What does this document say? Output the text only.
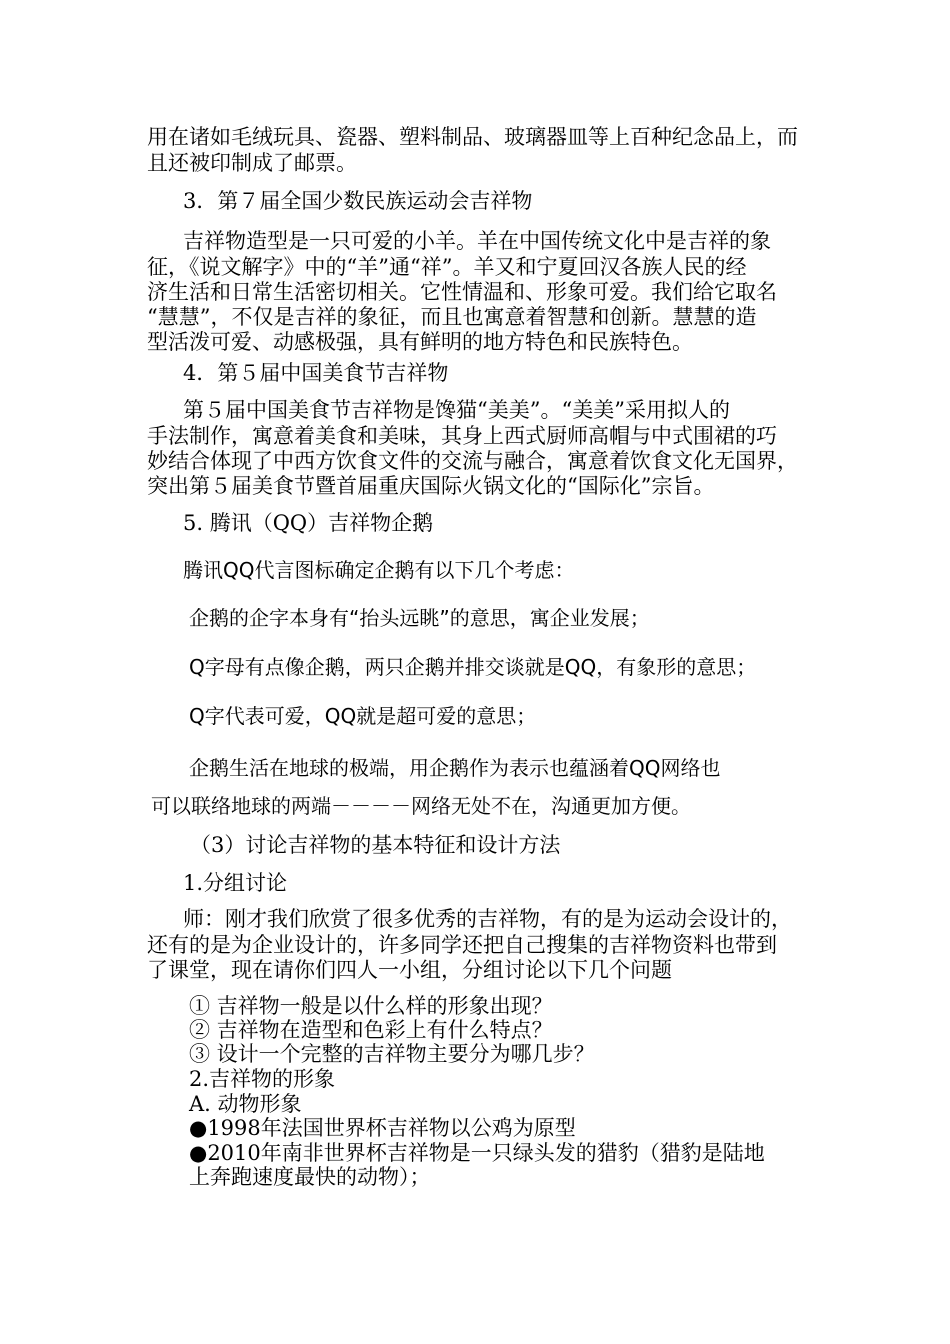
用在诸如毛绒玩具、瓷器、塑料制品、玻璃器皿等上百种纪念品上，而
且还被印制成了邮票。
3．第７届全国少数民族运动会吉祥物
吉祥物造型是一只可爱的小羊。羊在中国传统文化中是吉祥的象
征，《说文解字》中的“羊”通“祥”。羊又和宁夏回汉各族人民的经
济生活和日常生活密切相关。它性情温和、形象可爱。我们给它取名
“慧慧”，不仅是吉祥的象征，而且也寓意着智慧和创新。慧慧的造
型活泼可爱、动感极强，具有鲜明的地方特色和民族特色。
4．第５届中国美食节吉祥物
第５届中国美食节吉祥物是馋猫“美美”。“美美”采用拟人的
手法制作，寓意着美食和美味，其身上西式厨师高帽与中式围裙的巧
妙结合体现了中西方饮食文件的交流与融合，寓意着饮食文化无国界，
突出第５届美食节暨首届重庆国际火锅文化的“国际化”宗旨。
5. 腾讯（QQ）吉祥物企鹅
腾讯QQ代言图标确定企鹅有以下几个考虑：
企鹅的企字本身有“抬头远眺”的意思，寓企业发展；
Q字母有点像企鹅，两只企鹅并排交谈就是QQ，有象形的意思；
Q字代表可爱，QQ就是超可爱的意思；
企鹅生活在地球的极端，用企鹅作为表示也蕴涵着QQ网络也
可以联络地球的两端－－－－网络无处不在，沟通更加方便。
（3）讨论吉祥物的基本特征和设计方法
1.分组讨论
师：刚才我们欣赏了很多优秀的吉祥物，有的是为运动会设计的，
还有的是为企业设计的，许多同学还把自己搜集的吉祥物资料也带到
了课堂，现在请你们四人一小组，分组讨论以下几个问题
① 吉祥物一般是以什么样的形象出现？
② 吉祥物在造型和色彩上有什么特点？
③ 设计一个完整的吉祥物主要分为哪几步？
2.吉祥物的形象
A. 动物形象
●1998年法国世界杯吉祥物以公鸡为原型
●2010年南非世界杯吉祥物是一只绿头发的猎豹（猎豹是陆地
上奔跑速度最快的动物）；
